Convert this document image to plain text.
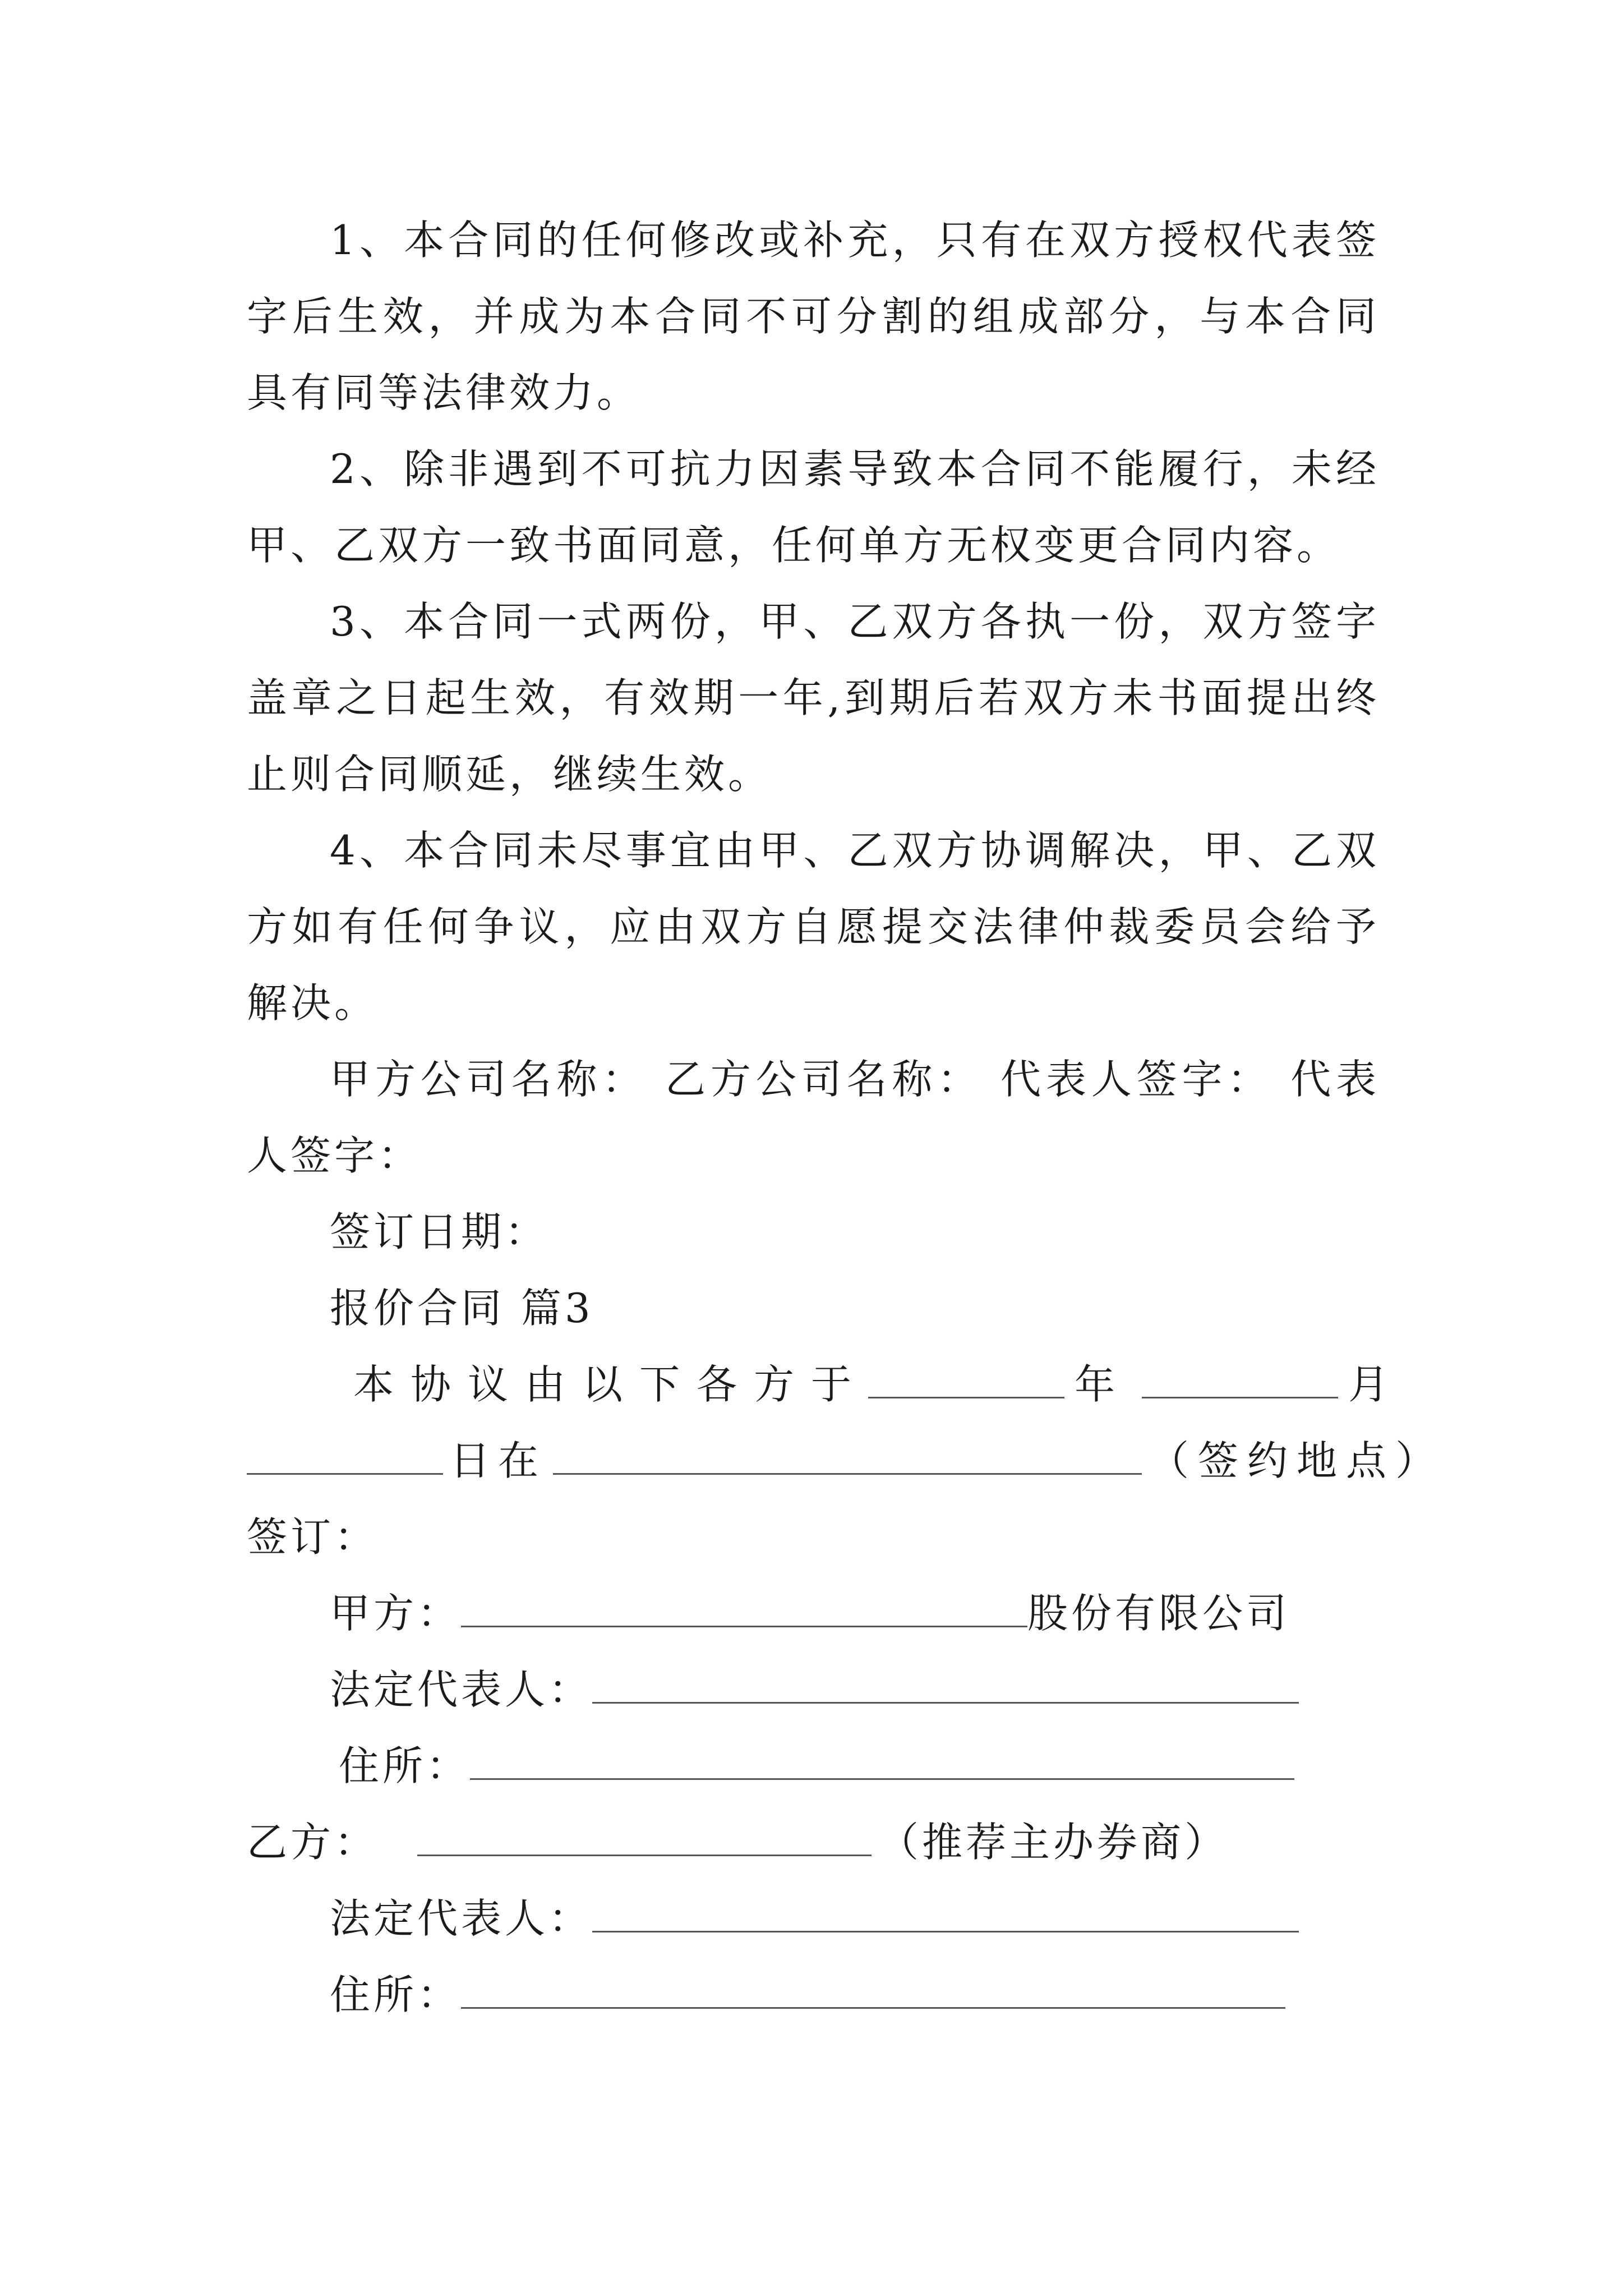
1、本合同的任何修改或补充，只有在双方授权代表签字后生效，并成为本合同不可分割的组成部分，与本合同具有同等法律效力。

2、除非遇到不可抗力因素导致本合同不能履行，未经甲、乙双方一致书面同意，任何单方无权变更合同内容。

3、本合同一式两份，甲、乙双方各执一份，双方签字盖章之日起生效，有效期一年,到期后若双方未书面提出终止则合同顺延，继续生效。

4、本合同未尽事宜由甲、乙双方协调解决，甲、乙双方如有任何争议，应由双方自愿提交法律仲裁委员会给予解决。

甲方公司名称： 乙方公司名称： 代表人签字： 代表人签字：

签订日期：

报价合同 篇3

本协议由以下各方于	年	月

日在	（签约地点）

签订：

甲方：	股份有限公司

法定代表人：

住所：

乙方：	（推荐主办券商）

法定代表人：

住所：
